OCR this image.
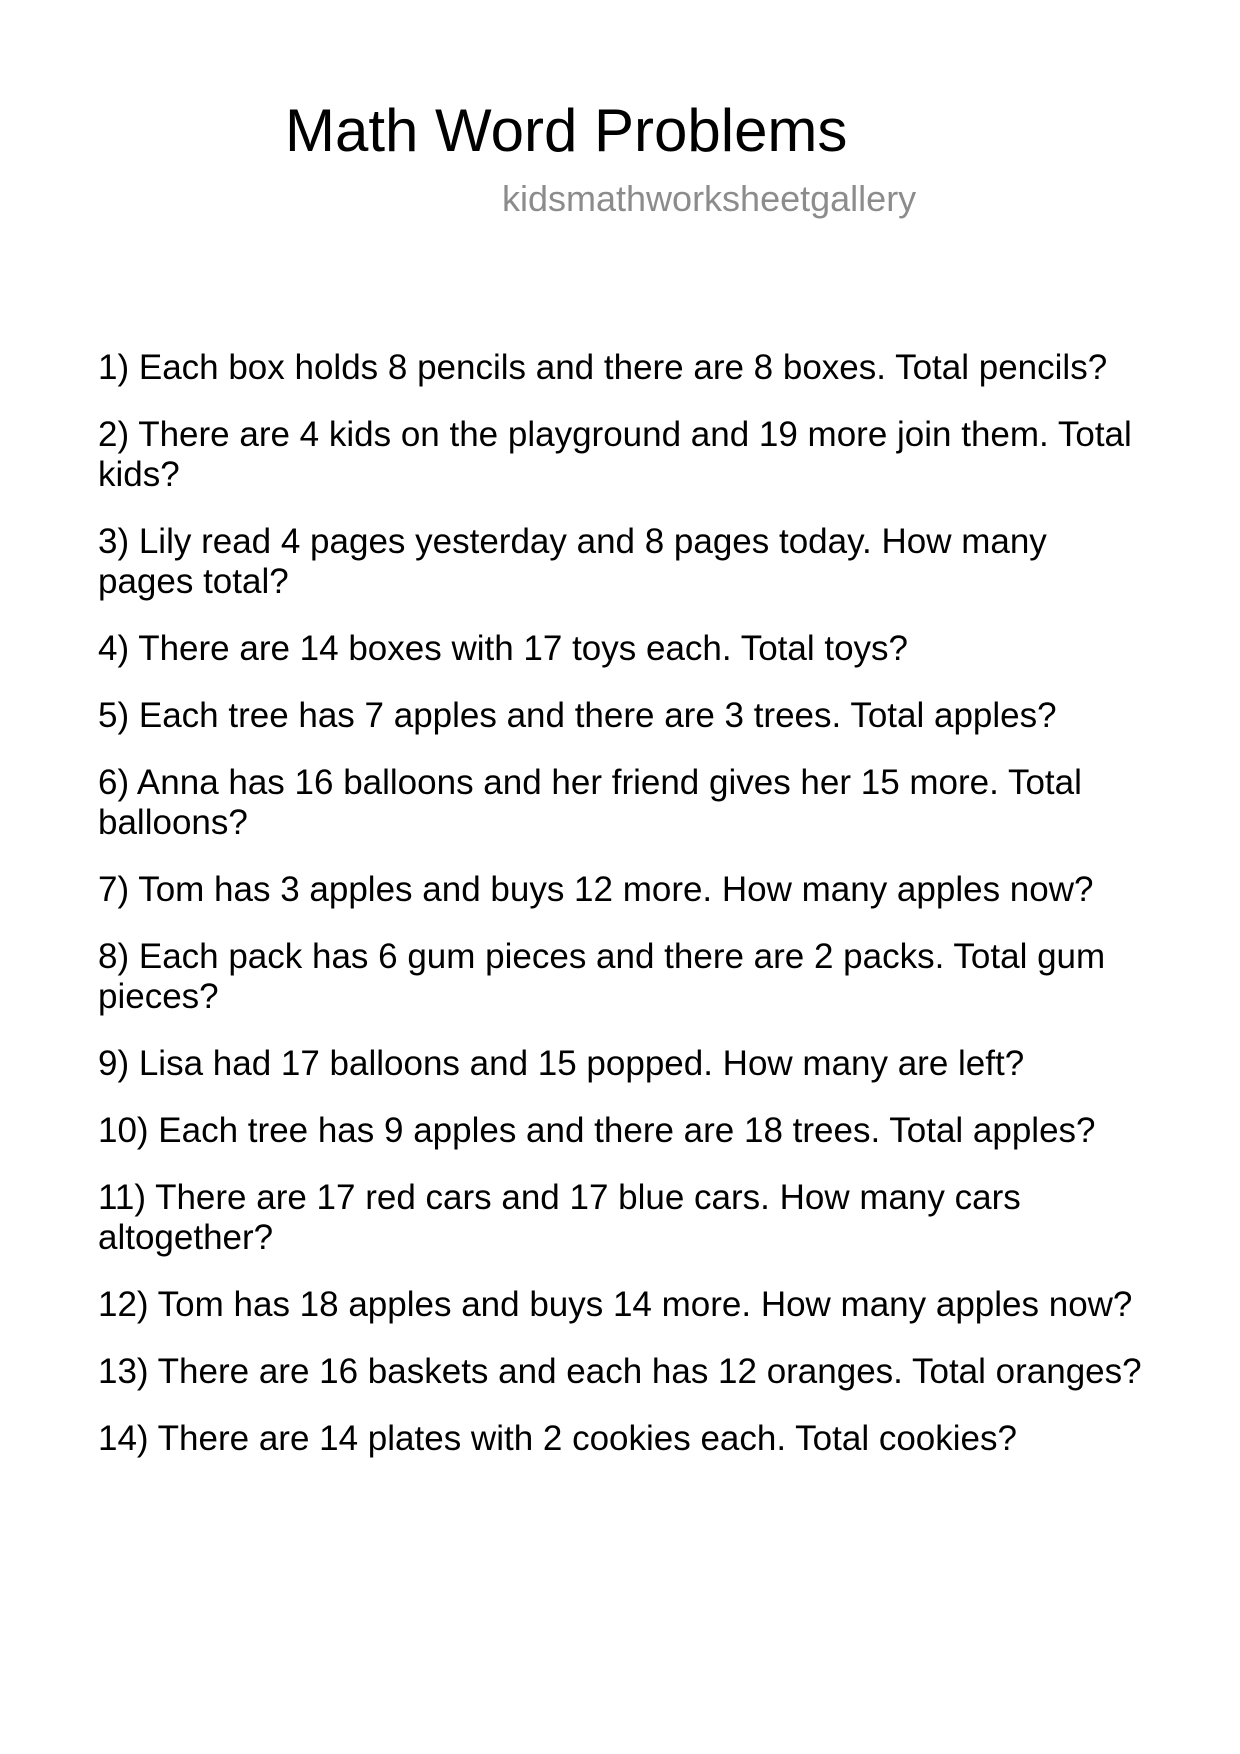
Math Word Problems
kidsmathworksheetgallery

1) Each box holds 8 pencils and there are 8 boxes. Total pencils?

2) There are 4 kids on the playground and 19 more join them. Total kids?

3) Lily read 4 pages yesterday and 8 pages today. How many pages total?

4) There are 14 boxes with 17 toys each. Total toys?

5) Each tree has 7 apples and there are 3 trees. Total apples?

6) Anna has 16 balloons and her friend gives her 15 more. Total balloons?

7) Tom has 3 apples and buys 12 more. How many apples now?

8) Each pack has 6 gum pieces and there are 2 packs. Total gum pieces?

9) Lisa had 17 balloons and 15 popped. How many are left?

10) Each tree has 9 apples and there are 18 trees. Total apples?

11) There are 17 red cars and 17 blue cars. How many cars altogether?

12) Tom has 18 apples and buys 14 more. How many apples now?

13) There are 16 baskets and each has 12 oranges. Total oranges?

14) There are 14 plates with 2 cookies each. Total cookies?
